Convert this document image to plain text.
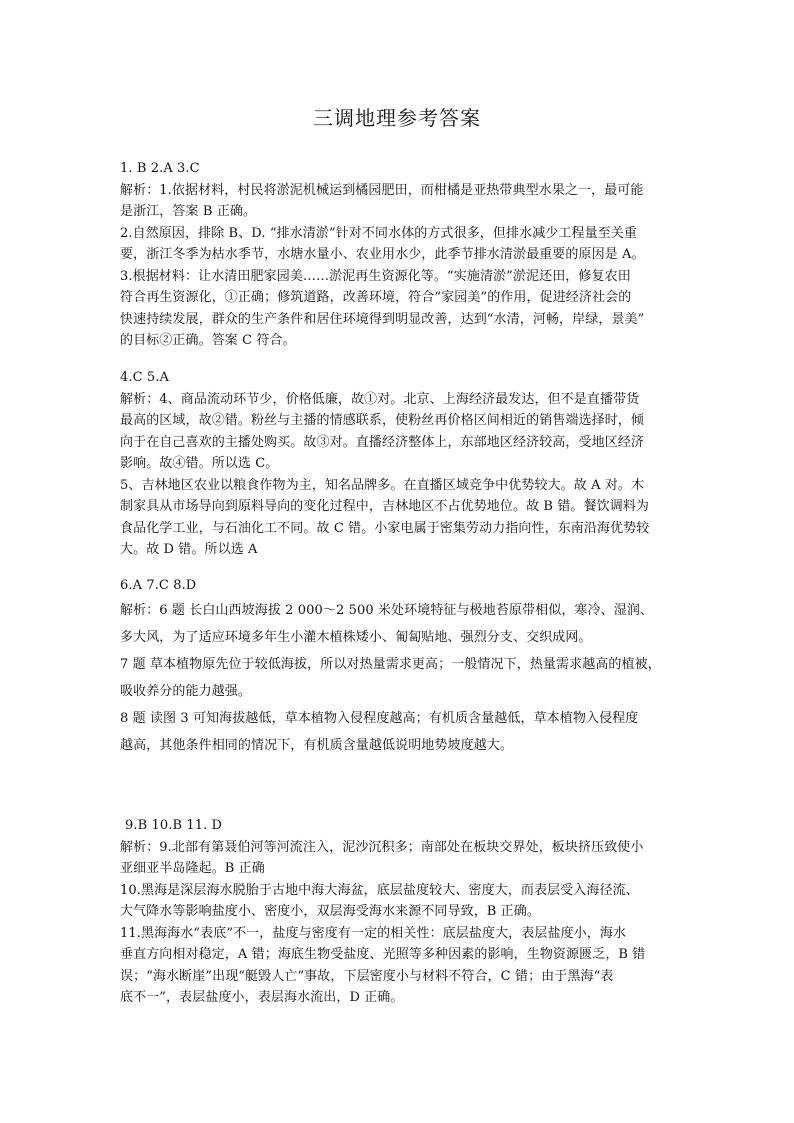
三调地理参考答案
1. B 2.A 3.C
解析：1.依据材料，村民将淤泥机械运到橘园肥田，而柑橘是亚热带典型水果之一，最可能
是浙江，答案 B 正确。
2.自然原因，排除 B、D. “排水清淤”针对不同水体的方式很多，但排水减少工程量至关重
要，浙江冬季为枯水季节，水塘水量小、农业用水少，此季节排水清淤最重要的原因是 A。
3.根据材料：让水清田肥家园美……淤泥再生资源化等。“实施清淤”淤泥还田，修复农田
符合再生资源化，①正确；修筑道路，改善环境，符合“家园美”的作用，促进经济社会的
快速持续发展，群众的生产条件和居住环境得到明显改善，达到“水清，河畅，岸绿，景美”
的目标②正确。答案 C 符合。
4.C 5.A
解析：4、商品流动环节少，价格低廉，故①对。北京、上海经济最发达，但不是直播带货
最高的区域，故②错。粉丝与主播的情感联系，使粉丝再价格区间相近的销售端选择时，倾
向于在自己喜欢的主播处购买。故③对。直播经济整体上，东部地区经济较高，受地区经济
影响。故④错。所以选 C。
5、吉林地区农业以粮食作物为主，知名品牌多。在直播区域竞争中优势较大。故 A 对。木
制家具从市场导向到原料导向的变化过程中，吉林地区不占优势地位。故 B 错。餐饮调料为
食品化学工业，与石油化工不同。故 C 错。小家电属于密集劳动力指向性，东南沿海优势较
大。故 D 错。所以选 A
6.A 7.C 8.D
解析：6 题 长白山西坡海拔 2 000～2 500 米处环境特征与极地苔原带相似，寒冷、湿润、
多大风，为了适应环境多年生小灌木植株矮小、匍匐贴地、强烈分支、交织成网。
7 题 草本植物原先位于较低海拔，所以对热量需求更高；一般情况下，热量需求越高的植被，
吸收养分的能力越强。
8 题 读图 3 可知海拔越低，草本植物入侵程度越高；有机质含量越低，草本植物入侵程度
越高，其他条件相同的情况下，有机质含量越低说明地势坡度越大。
9.B 10.B 11. D
解析：9.北部有第聂伯河等河流注入，泥沙沉积多；南部处在板块交界处，板块挤压致使小
亚细亚半岛隆起。B 正确
10.黑海是深层海水脱胎于古地中海大海盆，底层盐度较大、密度大，而表层受入海径流、
大气降水等影响盐度小、密度小，双层海受海水来源不同导致，B 正确。
11.黑海海水“表底”不一，盐度与密度有一定的相关性：底层盐度大，表层盐度小，海水
垂直方向相对稳定，A 错；海底生物受盐度、光照等多种因素的影响，生物资源匮乏，B 错
误；“海水断崖”出现“艇毁人亡”事故，下层密度小与材料不符合，C 错；由于黑海“表
底不一”，表层盐度小，表层海水流出，D 正确。
